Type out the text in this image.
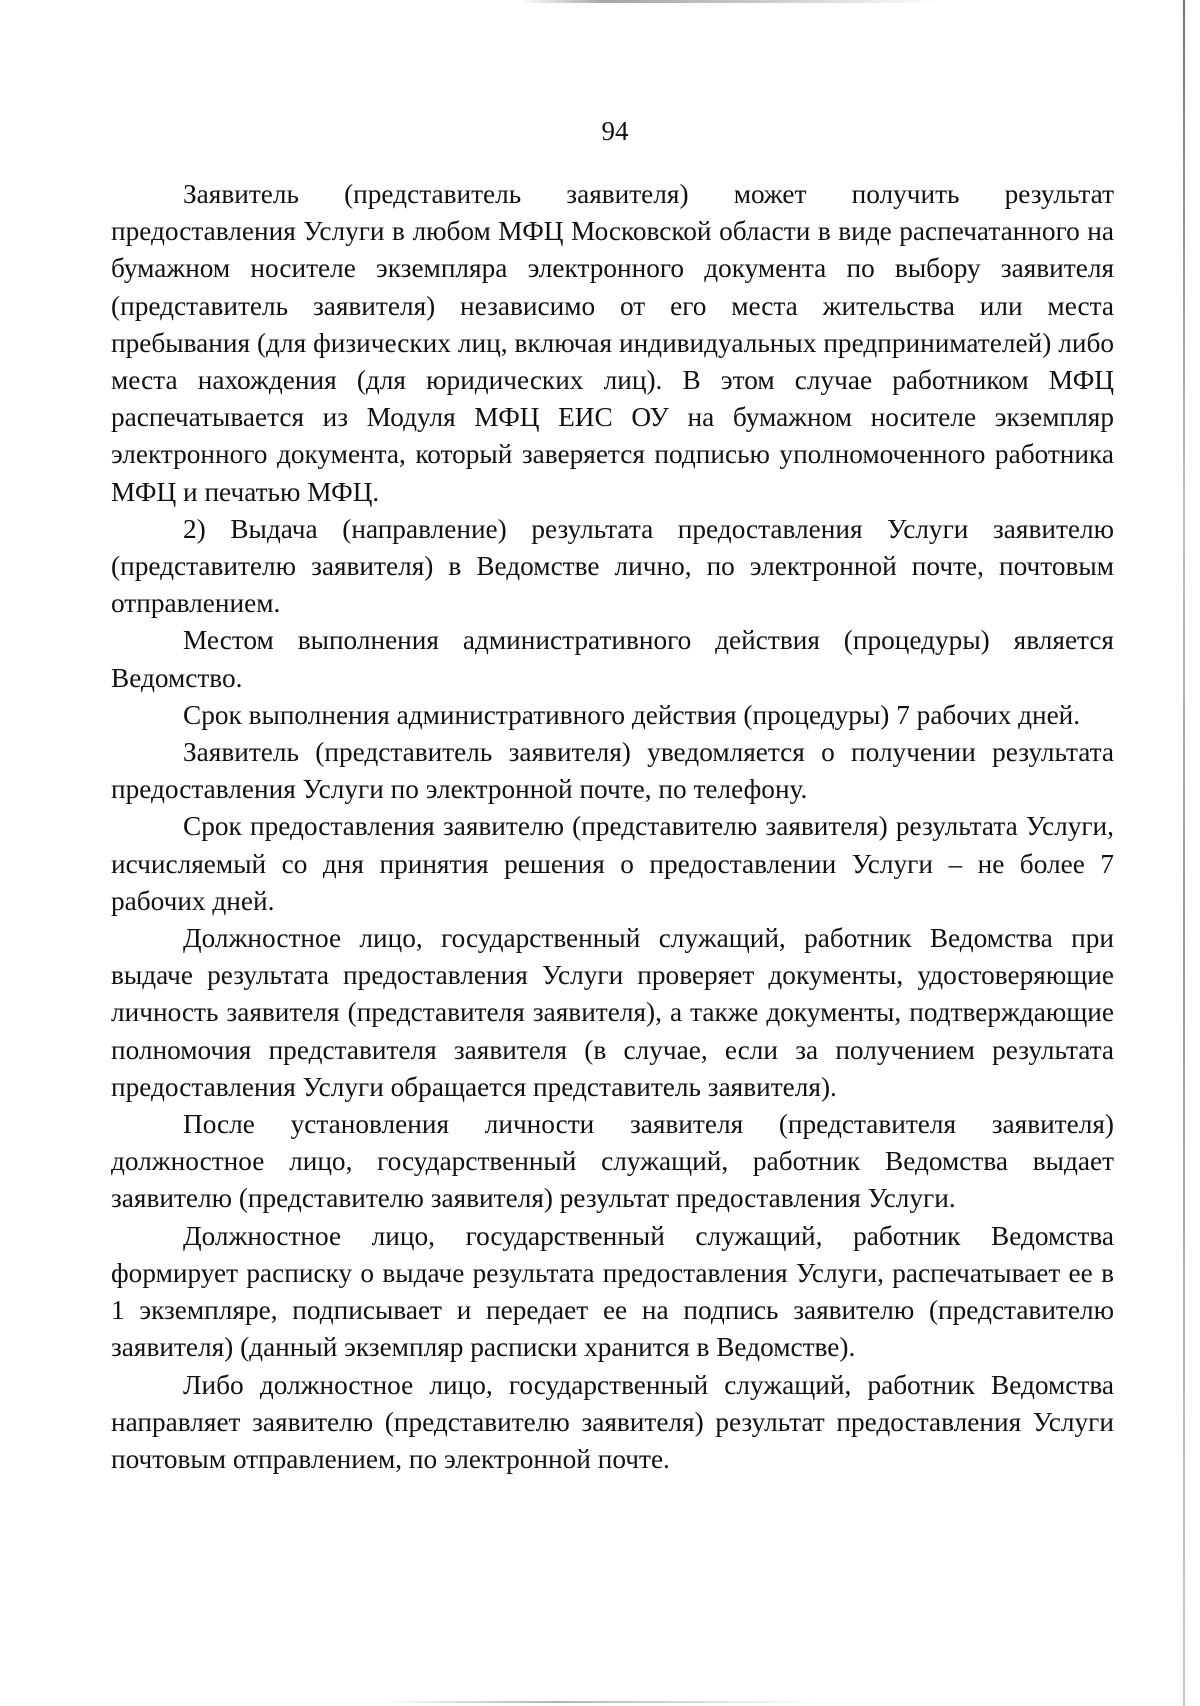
94

Заявитель (представитель заявителя) может получить результат предоставления Услуги в любом МФЦ Московской области в виде распечатанного на бумажном носителе экземпляра электронного документа по выбору заявителя (представитель заявителя) независимо от его места жительства или места пребывания (для физических лиц, включая индивидуальных предпринимателей) либо места нахождения (для юридических лиц). В этом случае работником МФЦ распечатывается из Модуля МФЦ ЕИС ОУ на бумажном носителе экземпляр электронного документа, который заверяется подписью уполномоченного работника МФЦ и печатью МФЦ.

2) Выдача (направление) результата предоставления Услуги заявителю (представителю заявителя) в Ведомстве лично, по электронной почте, почтовым отправлением.

Местом выполнения административного действия (процедуры) является Ведомство.

Срок выполнения административного действия (процедуры) 7 рабочих дней.

Заявитель (представитель заявителя) уведомляется о получении результата предоставления Услуги по электронной почте, по телефону.

Срок предоставления заявителю (представителю заявителя) результата Услуги, исчисляемый со дня принятия решения о предоставлении Услуги – не более 7 рабочих дней.

Должностное лицо, государственный служащий, работник Ведомства при выдаче результата предоставления Услуги проверяет документы, удостоверяющие личность заявителя (представителя заявителя), а также документы, подтверждающие полномочия представителя заявителя (в случае, если за получением результата предоставления Услуги обращается представитель заявителя).

После установления личности заявителя (представителя заявителя) должностное лицо, государственный служащий, работник Ведомства выдает заявителю (представителю заявителя) результат предоставления Услуги.

Должностное лицо, государственный служащий, работник Ведомства формирует расписку о выдаче результата предоставления Услуги, распечатывает ее в 1 экземпляре, подписывает и передает ее на подпись заявителю (представителю заявителя) (данный экземпляр расписки хранится в Ведомстве).

Либо должностное лицо, государственный служащий, работник Ведомства направляет заявителю (представителю заявителя) результат предоставления Услуги почтовым отправлением, по электронной почте.
